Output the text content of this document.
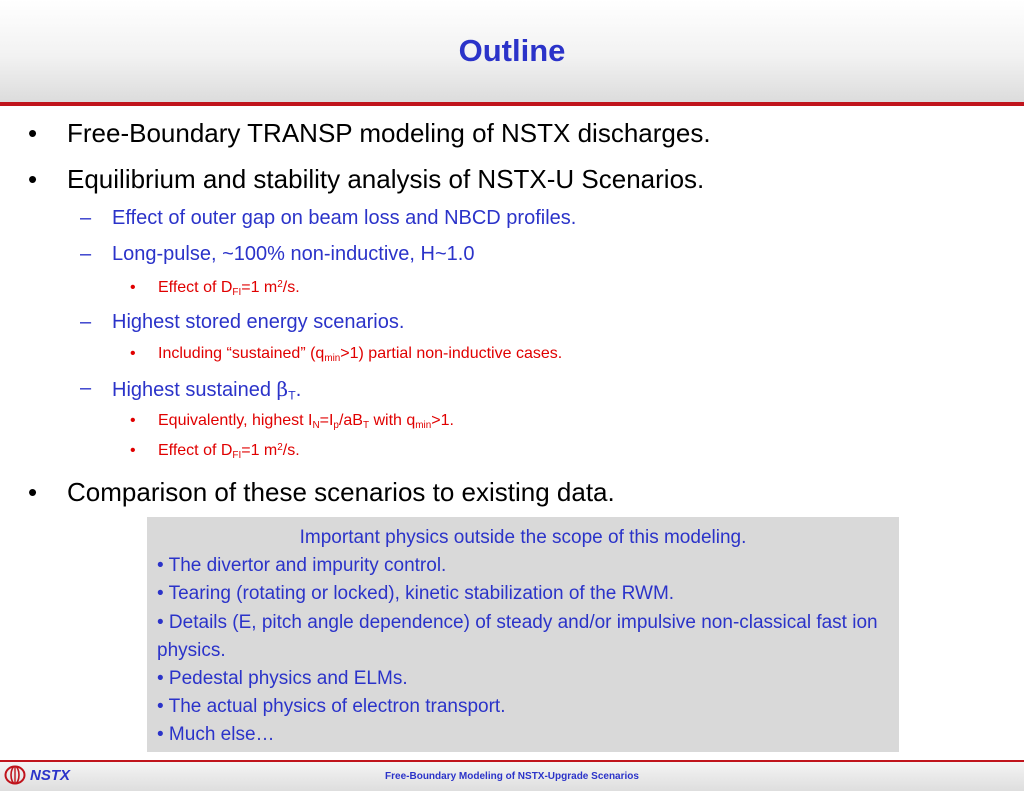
Outline
• Free-Boundary TRANSP modeling of NSTX discharges.
• Equilibrium and stability analysis of NSTX-U Scenarios.
– Effect of outer gap on beam loss and NBCD profiles.
– Long-pulse, ~100% non-inductive, H~1.0
• Effect of $D_{FI}=1$ $m^2/s$.
– Highest stored energy scenarios.
• Including “sustained” $(q_{min}>1)$ partial non-inductive cases.
– Highest sustained $\beta_T$.
• Equivalently, highest $I_N=I_p/aB_T$ with $q_{min}>1$.
• Effect of $D_{FI}=1$ $m^2/s$.
• Comparison of these scenarios to existing data.
Important physics outside the scope of this modeling.
• The divertor and impurity control.
• Tearing (rotating or locked), kinetic stabilization of the RWM.
• Details (E, pitch angle dependence) of steady and/or impulsive non-classical fast ion physics.
• Pedestal physics and ELMs.
• The actual physics of electron transport.
• Much else…
NSTX	Free-Boundary Modeling of NSTX-Upgrade Scenarios
